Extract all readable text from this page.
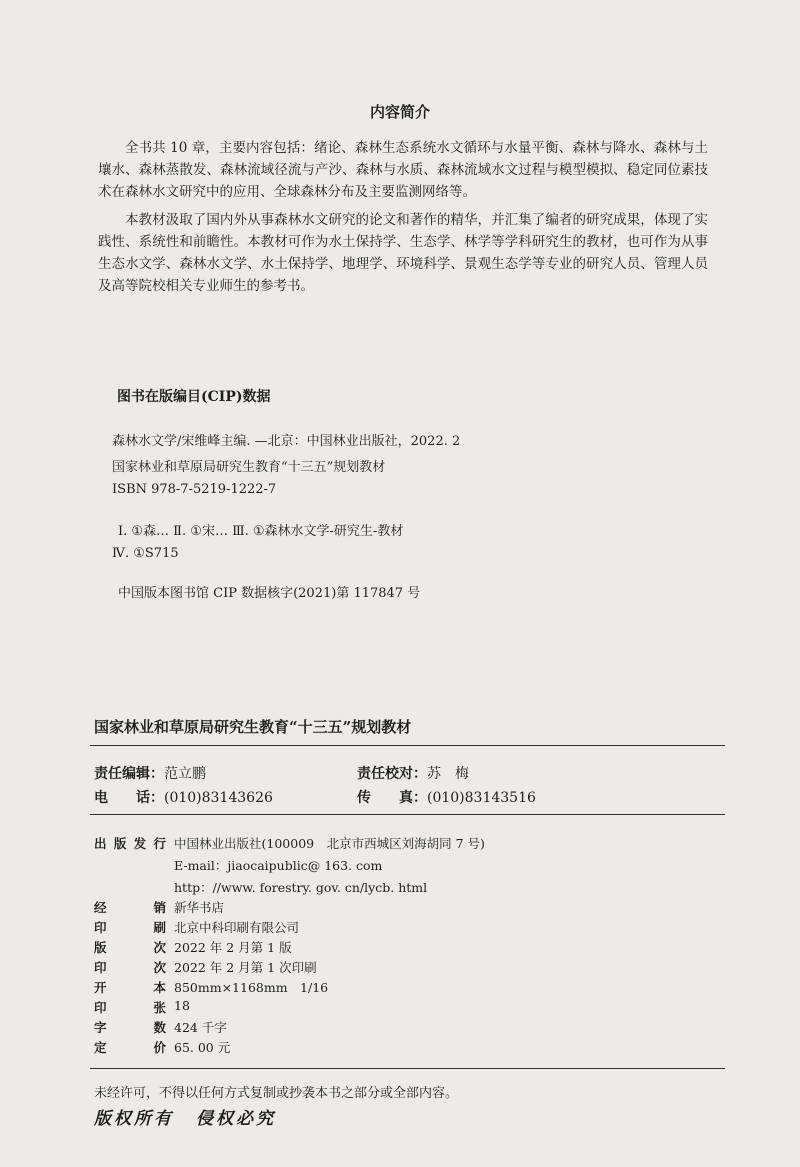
内容简介
全书共 10 章，主要内容包括：绪论、森林生态系统水文循环与水量平衡、森林与降水、森林与土壤水、森林蒸散发、森林流域径流与产沙、森林与水质、森林流域水文过程与模型模拟、稳定同位素技术在森林水文研究中的应用、全球森林分布及主要监测网络等。
本教材汲取了国内外从事森林水文研究的论文和著作的精华，并汇集了编者的研究成果，体现了实践性、系统性和前瞻性。本教材可作为水土保持学、生态学、林学等学科研究生的教材，也可作为从事生态水文学、森林水文学、水土保持学、地理学、环境科学、景观生态学等专业的研究人员、管理人员及高等院校相关专业师生的参考书。
图书在版编目(CIP)数据
森林水文学/宋维峰主编. —北京：中国林业出版社，2022. 2
国家林业和草原局研究生教育“十三五”规划教材
ISBN 978-7-5219-1222-7
Ⅰ. ①森… Ⅱ. ①宋… Ⅲ. ①森林水文学-研究生-教材
Ⅳ. ①S715
中国版本图书馆 CIP 数据核字(2021)第 117847 号
国家林业和草原局研究生教育“十三五”规划教材
责任编辑：范立鹏	责任校对：苏　梅
电　　话：(010)83143626	传　　真：(010)83143516
出版发行 中国林业出版社(100009　北京市西城区刘海胡同 7 号)
E-mail：jiaocaipublic@ 163. com
http：//www. forestry. gov. cn/lycb. html
经　　销 新华书店
印　　刷 北京中科印刷有限公司
版　　次 2022 年 2 月第 1 版
印　　次 2022 年 2 月第 1 次印刷
开　　本 850mm×1168mm　1/16
印　　张 18
字　　数 424 千字
定　　价 65. 00 元
未经许可，不得以任何方式复制或抄袭本书之部分或全部内容。
版权所有 侵权必究
